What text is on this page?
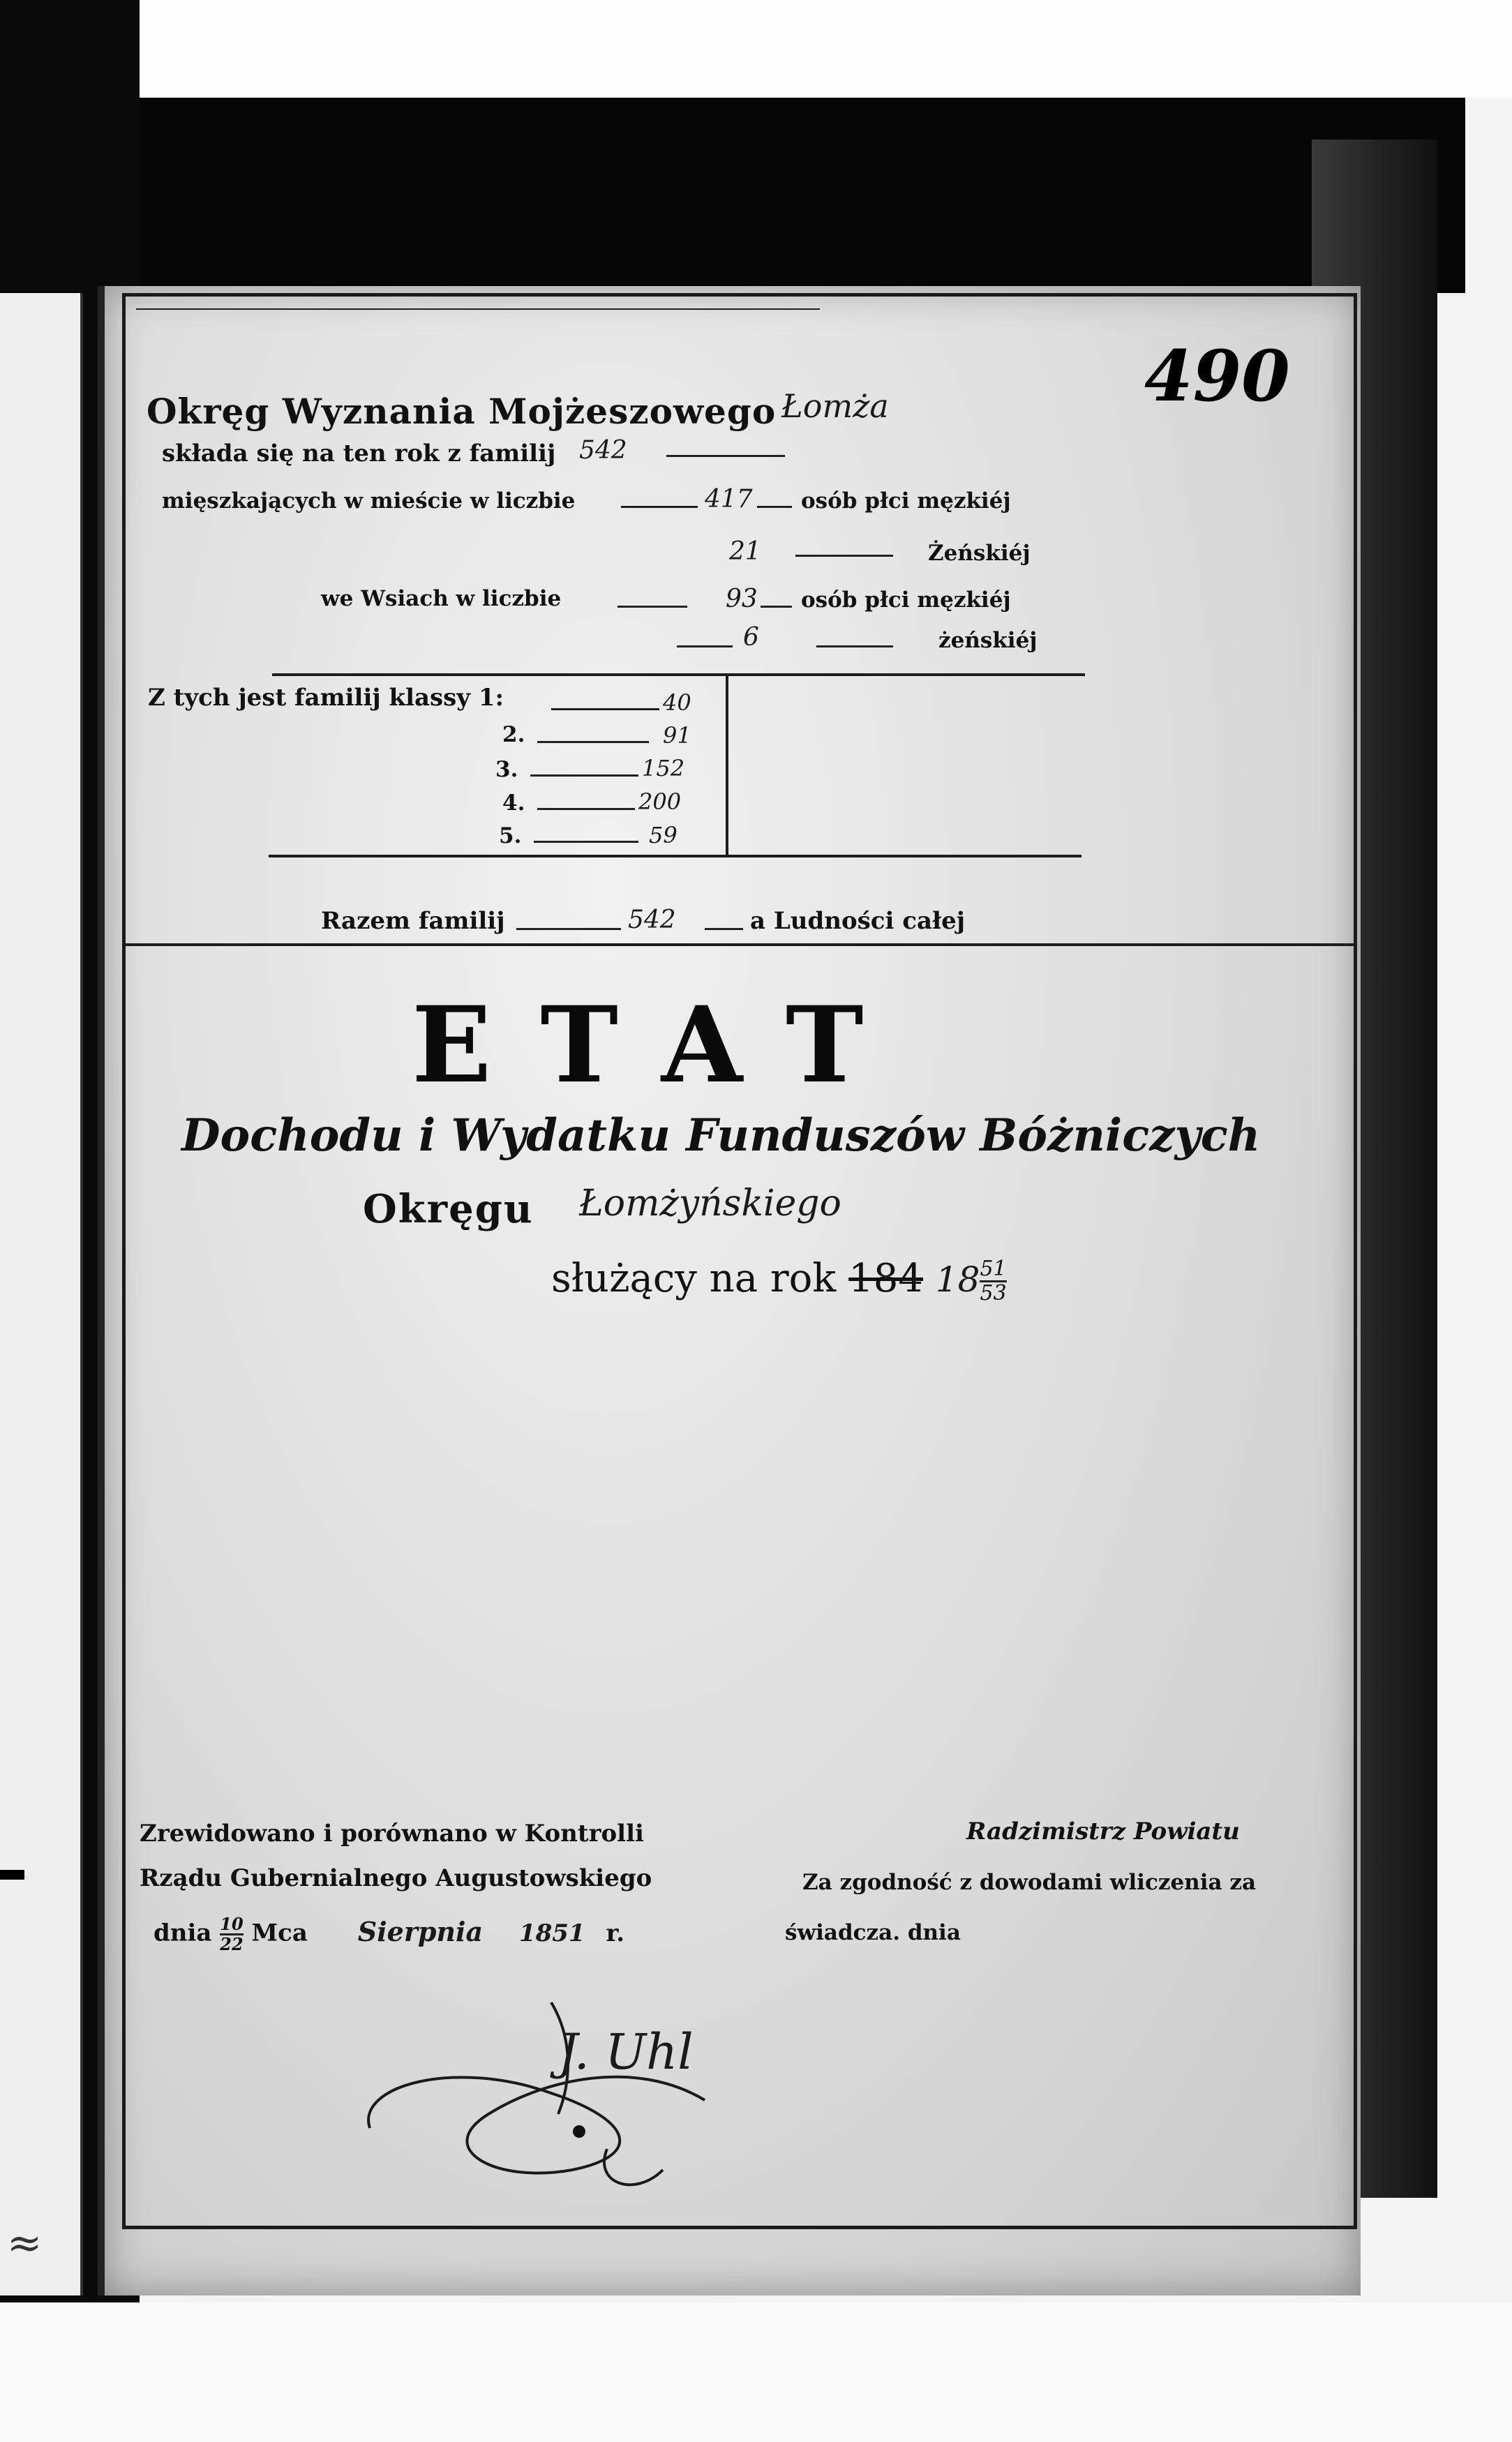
490
Okręg Wyznania Mojżeszowego Łomża
składa się na ten rok z familij 542
mięszkających w mieście w liczbie	417 osób płci męzkiéj
21	Żeńskiéj
we Wsiach w liczbie	93 osób płci męzkiéj
6	żeńskiéj
Z tych jest familij klassy 1:	40
2.	91
3.	152
4.	200
5.	59
Razem familij	542	a Ludności całej
ETAT
Dochodu i Wydatku Funduszów Bóżniczych
Okręgu Łomżyńskiego
służący na rok 184 $18 \frac{51}{53}$
Zrewidowano i porównano w Kontrolli
Rządu Gubernialnego Augustowskiego
dnia $\frac{10}{22}$ Mca Sierpnia 1851 r.
Radzimistrz Powiatu
Za zgodność z dowodami wliczenia za
świadcza. dnia
J. Uhl
≈
